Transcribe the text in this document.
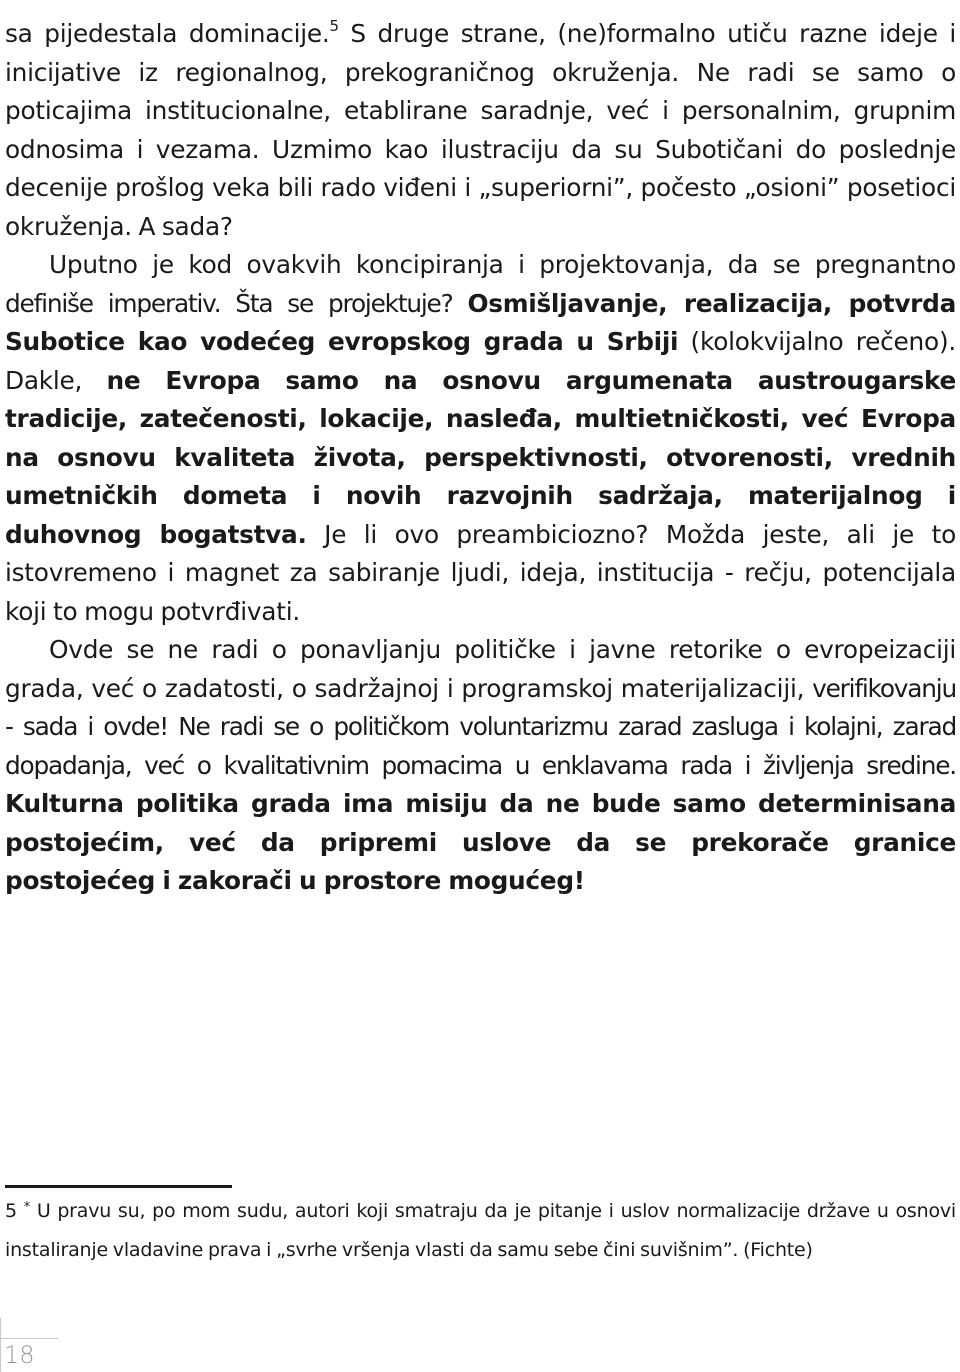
sa pijedestala dominacije.$^5$ S druge strane, (ne)formalno utiču razne ideje i inicijative iz regionalnog, prekograničnog okruženja. Ne radi se samo o poticajima institucionalne, etablirane saradnje, već i personalnim, grupnim odnosima i vezama. Uzmimo kao ilustraciju da su Subotičani do poslednje decenije prošlog veka bili rado viđeni i „superiorni”, počesto „osioni” posetioci okruženja. A sada?

Uputno je kod ovakvih koncipiranja i projektovanja, da se pregnantno definiše imperativ. Šta se projektuje? Osmišljavanje, realizacija, potvrda Subotice kao vodećeg evropskog grada u Srbiji (kolokvijalno rečeno). Dakle, ne Evropa samo na osnovu argumenata austrougarske tradicije, zatečenosti, lokacije, nasleđa, multietničkosti, već Evropa na osnovu kvaliteta života, perspektivnosti, otvorenosti, vrednih umetničkih dometa i novih razvojnih sadržaja, materijalnog i duhovnog bogatstva. Je li ovo preambiciozno? Možda jeste, ali je to istovremeno i magnet za sabiranje ljudi, ideja, institucija - rečju, potencijala koji to mogu potvrđivati.

Ovde se ne radi o ponavljanju političke i javne retorike o evropeizaciji grada, već o zadatosti, o sadržajnoj i programskoj materijalizaciji, verifikovanju - sada i ovde! Ne radi se o političkom voluntarizmu zarad zasluga i kolajni, zarad dopadanja, već o kvalitativnim pomacima u enklavama rada i življenja sredine. Kulturna politika grada ima misiju da ne bude samo determinisana postojećim, već da pripremi uslove da se prekorače granice postojećeg i zakorači u prostore mogućeg!

5 * U pravu su, po mom sudu, autori koji smatraju da je pitanje i uslov normalizacije države u osnovi instaliranje vladavine prava i „svrhe vršenja vlasti da samu sebe čini suvišnim”. (Fichte)

18
